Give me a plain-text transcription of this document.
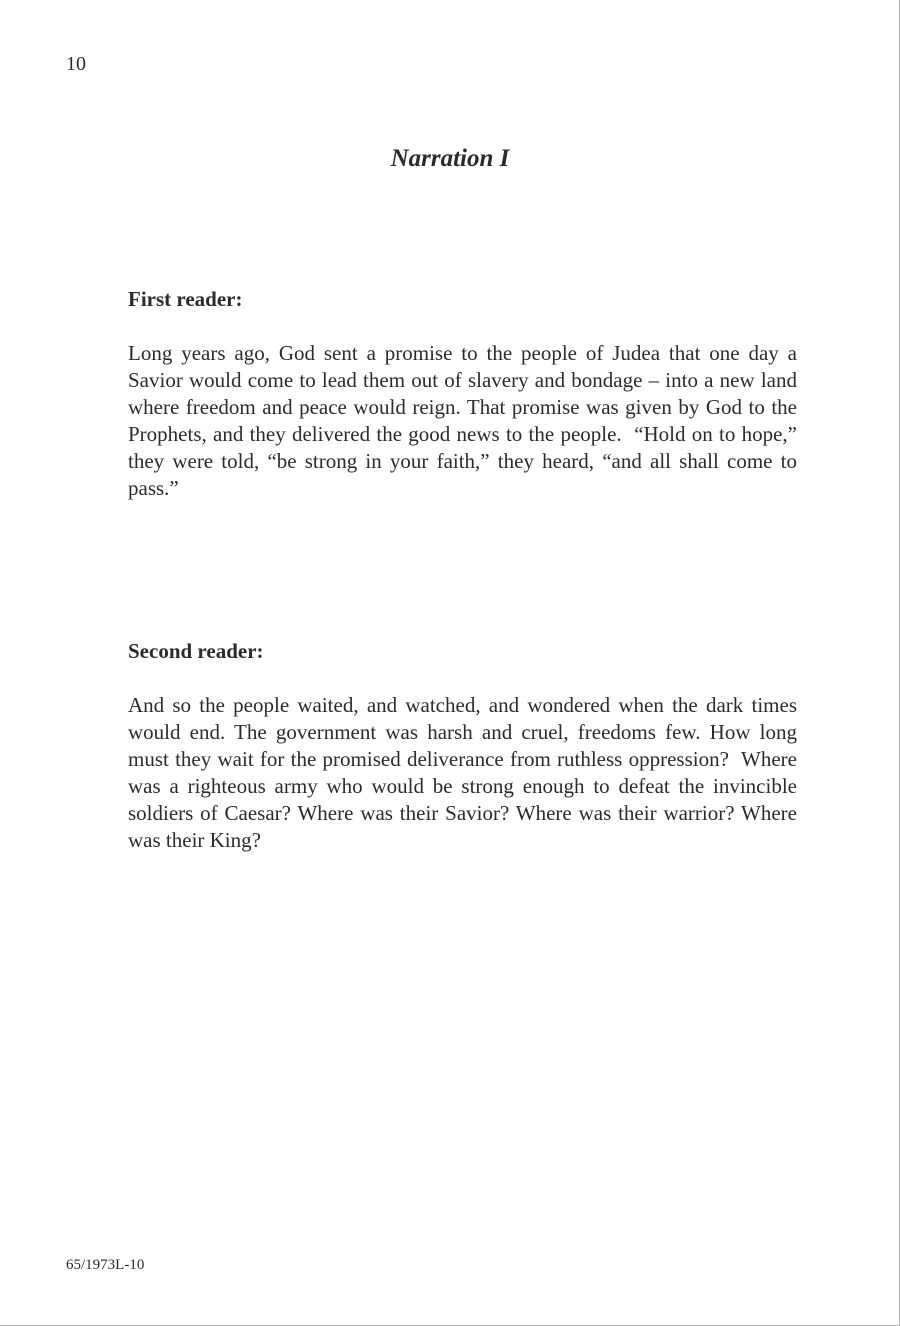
10
Narration I
First reader:

Long years ago, God sent a promise to the people of Judea that one day a Savior would come to lead them out of slavery and bondage – into a new land where freedom and peace would reign. That promise was given by God to the Prophets, and they delivered the good news to the people.  “Hold on to hope,” they were told, “be strong in your faith,” they heard, “and all shall come to pass.”

Second reader:

And so the people waited, and watched, and wondered when the dark times would end. The government was harsh and cruel, freedoms few. How long must they wait for the promised deliverance from ruthless oppression?  Where was a righteous army who would be strong enough to defeat the invincible soldiers of Caesar? Where was their Savior? Where was their warrior? Where was their King?

65/1973L-10
